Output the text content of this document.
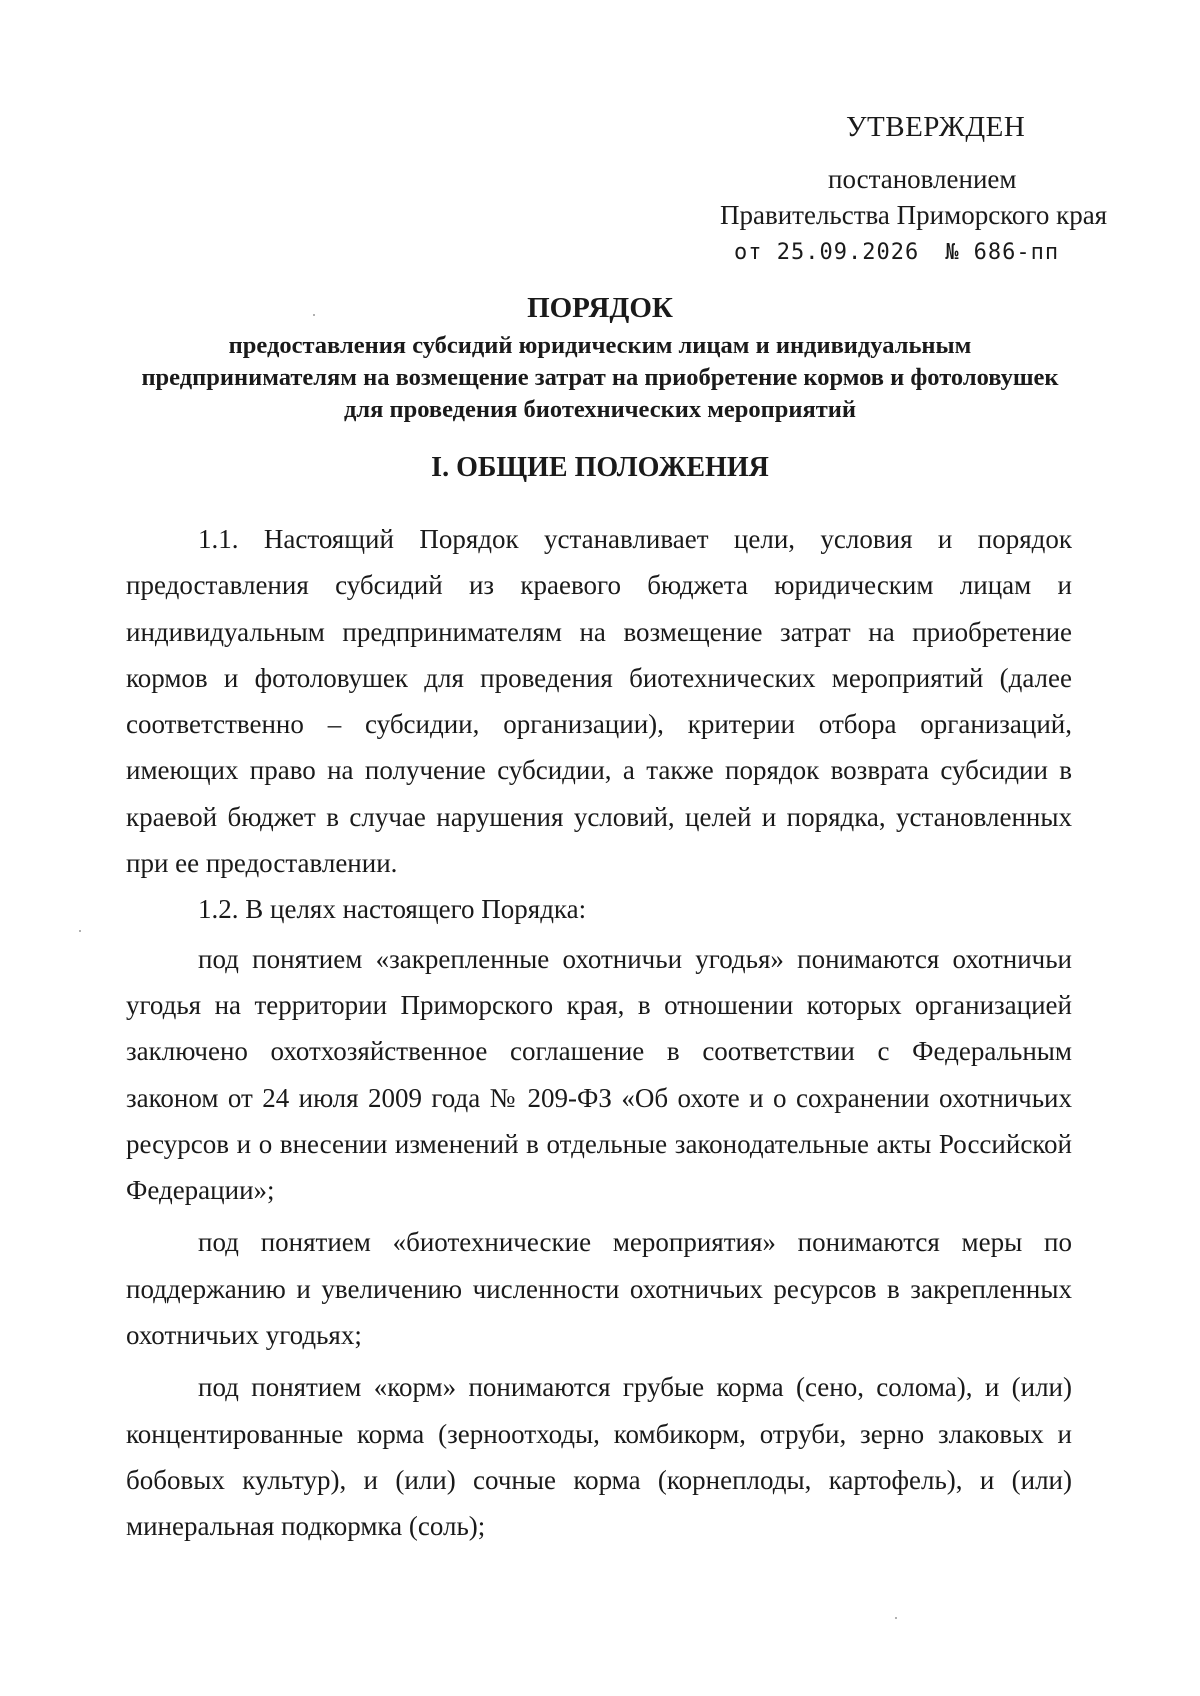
УТВЕРЖДЕН
постановлением
Правительства Приморского края
от 25.09.2026 № 686-пп
ПОРЯДОК
предоставления субсидий юридическим лицам и индивидуальным предпринимателям на возмещение затрат на приобретение кормов и фотоловушек для проведения биотехнических мероприятий
I. ОБЩИЕ ПОЛОЖЕНИЯ

1.1. Настоящий Порядок устанавливает цели, условия и порядок предоставления субсидий из краевого бюджета юридическим лицам и индивидуальным предпринимателям на возмещение затрат на приобретение кормов и фотоловушек для проведения биотехнических мероприятий (далее соответственно – субсидии, организации), критерии отбора организаций, имеющих право на получение субсидии, а также порядок возврата субсидии в краевой бюджет в случае нарушения условий, целей и порядка, установленных при ее предоставлении.

1.2. В целях настоящего Порядка:

под понятием «закрепленные охотничьи угодья» понимаются охотничьи угодья на территории Приморского края, в отношении которых организацией заключено охотхозяйственное соглашение в соответствии с Федеральным законом от 24 июля 2009 года № 209-ФЗ «Об охоте и о сохранении охотничьих ресурсов и о внесении изменений в отдельные законодательные акты Российской Федерации»;

под понятием «биотехнические мероприятия» понимаются меры по поддержанию и увеличению численности охотничьих ресурсов в закрепленных охотничьих угодьях;

под понятием «корм» понимаются грубые корма (сено, солома), и (или) концентированные корма (зерноотходы, комбикорм, отруби, зерно злаковых и бобовых культур), и (или) сочные корма (корнеплоды, картофель), и (или) минеральная подкормка (соль);
